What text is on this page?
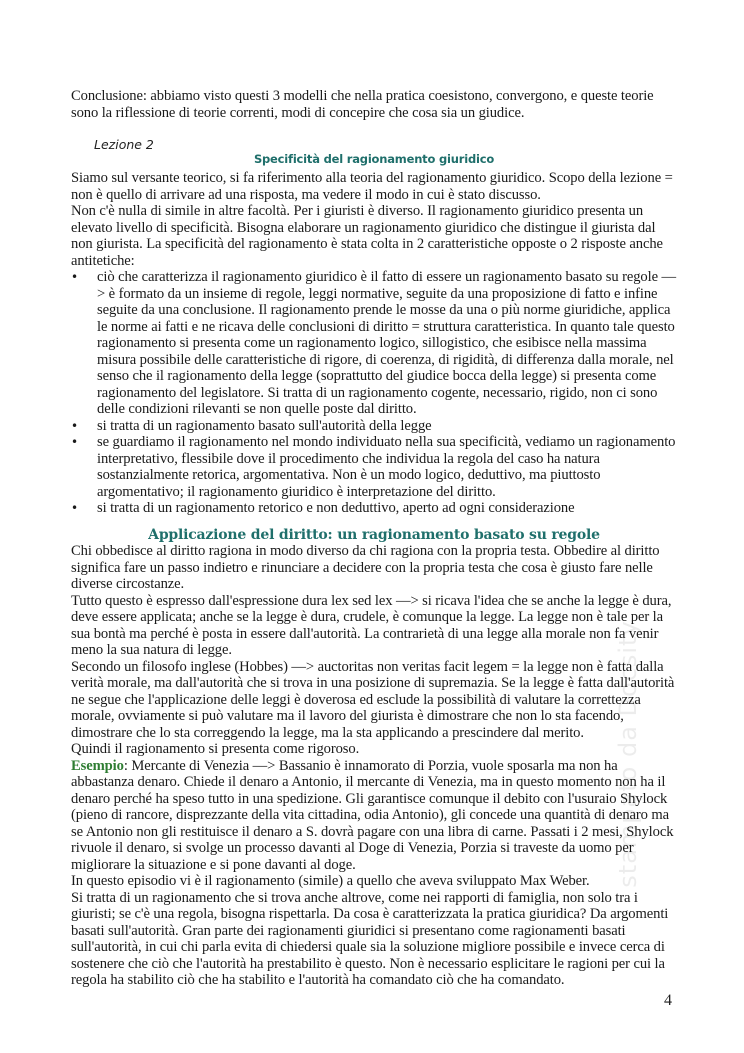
Conclusione: abbiamo visto questi 3 modelli che nella pratica coesistono, convergono, e queste teorie sono la riflessione di teorie correnti, modi di concepire che cosa sia un giudice.

Lezione 2
Specificità del ragionamento giuridico

Siamo sul versante teorico, si fa riferimento alla teoria del ragionamento giuridico. Scopo della lezione = non è quello di arrivare ad una risposta, ma vedere il modo in cui è stato discusso.

Non c'è nulla di simile in altre facoltà. Per i giuristi è diverso. Il ragionamento giuridico presenta un elevato livello di specificità. Bisogna elaborare un ragionamento giuridico che distingue il giurista dal non giurista. La specificità del ragionamento è stata colta in 2 caratteristiche opposte o 2 risposte anche antitetiche:

• ciò che caratterizza il ragionamento giuridico è il fatto di essere un ragionamento basato su regole —> è formato da un insieme di regole, leggi normative, seguite da una proposizione di fatto e infine seguite da una conclusione. Il ragionamento prende le mosse da una o più norme giuridiche, applica le norme ai fatti e ne ricava delle conclusioni di diritto = struttura caratteristica. In quanto tale questo ragionamento si presenta come un ragionamento logico, sillogistico, che esibisce nella massima misura possibile delle caratteristiche di rigore, di coerenza, di rigidità, di differenza dalla morale, nel senso che il ragionamento della legge (soprattutto del giudice bocca della legge) si presenta come ragionamento del legislatore. Si tratta di un ragionamento cogente, necessario, rigido, non ci sono delle condizioni rilevanti se non quelle poste dal diritto.
• si tratta di un ragionamento basato sull'autorità della legge
• se guardiamo il ragionamento nel mondo individuato nella sua specificità, vediamo un ragionamento interpretativo, flessibile dove il procedimento che individua la regola del caso ha natura sostanzialmente retorica, argomentativa. Non è un modo logico, deduttivo, ma piuttosto argomentativo; il ragionamento giuridico è interpretazione del diritto.
• si tratta di un ragionamento retorico e non deduttivo, aperto ad ogni considerazione
Applicazione del diritto: un ragionamento basato su regole

Chi obbedisce al diritto ragiona in modo diverso da chi ragiona con la propria testa. Obbedire al diritto significa fare un passo indietro e rinunciare a decidere con la propria testa che cosa è giusto fare nelle diverse circostanze.

Tutto questo è espresso dall'espressione dura lex sed lex —> si ricava l'idea che se anche la legge è dura, deve essere applicata; anche se la legge è dura, crudele, è comunque la legge. La legge non è tale per la sua bontà ma perché è posta in essere dall'autorità. La contrarietà di una legge alla morale non fa venir meno la sua natura di legge.

Secondo un filosofo inglese (Hobbes) —> auctoritas non veritas facit legem = la legge non è fatta dalla verità morale, ma dall'autorità che si trova in una posizione di supremazia. Se la legge è fatta dall'autorità ne segue che l'applicazione delle leggi è doverosa ed esclude la possibilità di valutare la correttezza morale, ovviamente si può valutare ma il lavoro del giurista è dimostrare che non lo sta facendo, dimostrare che lo sta correggendo la legge, ma la sta applicando a prescindere dal merito.

Quindi il ragionamento si presenta come rigoroso.

Esempio: Mercante di Venezia —> Bassanio è innamorato di Porzia, vuole sposarla ma non ha abbastanza denaro. Chiede il denaro a Antonio, il mercante di Venezia, ma in questo momento non ha il denaro perché ha speso tutto in una spedizione. Gli garantisce comunque il debito con l'usuraio Shylock (pieno di rancore, disprezzante della vita cittadina, odia Antonio), gli concede una quantità di denaro ma se Antonio non gli restituisce il denaro a S. dovrà pagare con una libra di carne. Passati i 2 mesi, Shylock rivuole il denaro, si svolge un processo davanti al Doge di Venezia, Porzia si traveste da uomo per migliorare la situazione e si pone davanti al doge.

In questo episodio vi è il ragionamento (simile) a quello che aveva sviluppato Max Weber.

Si tratta di un ragionamento che si trova anche altrove, come nei rapporti di famiglia, non solo tra i giuristi; se c'è una regola, bisogna rispettarla. Da cosa è caratterizzata la pratica giuridica? Da argomenti basati sull'autorità. Gran parte dei ragionamenti giuridici si presentano come ragionamenti basati sull'autorità, in cui chi parla evita di chiedersi quale sia la soluzione migliore possibile e invece cerca di sostenere che ciò che l'autorità ha prestabilito è questo. Non è necessario esplicitare le ragioni per cui la regola ha stabilito ciò che ha stabilito e l'autorità ha comandato ciò che ha comandato.

stampato da Docsity
4
